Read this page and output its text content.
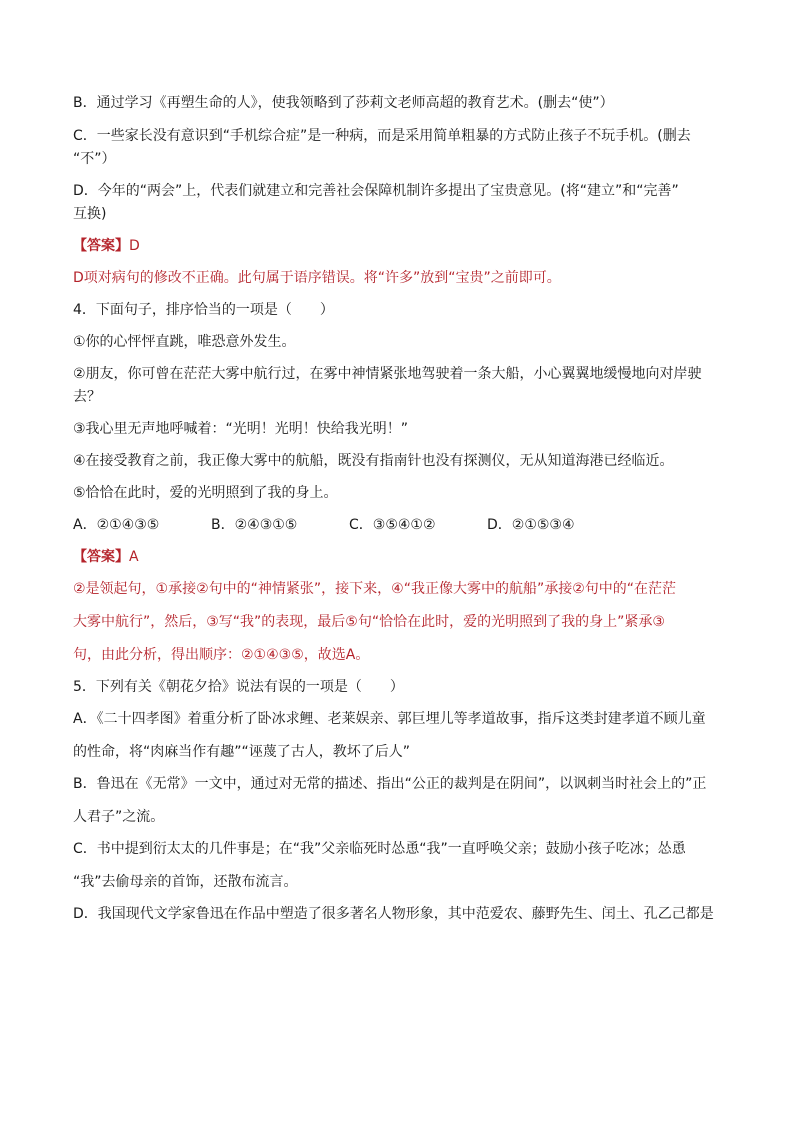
B．通过学习《再塑生命的人》，使我领略到了莎莉文老师高超的教育艺术。(删去“使”）
C．一些家长没有意识到“手机综合症”是一种病，而是采用简单粗暴的方式防止孩子不玩手机。(删去
“不”）
D．今年的“两会”上，代表们就建立和完善社会保障机制许多提出了宝贵意见。(将“建立”和“完善”
互换)
【答案】D
D项对病句的修改不正确。此句属于语序错误。将“许多”放到“宝贵”之前即可。
4．下面句子，排序恰当的一项是（　　）
①你的心怦怦直跳，唯恐意外发生。
②朋友，你可曾在茫茫大雾中航行过，在雾中神情紧张地驾驶着一条大船，小心翼翼地缓慢地向对岸驶
去？
③我心里无声地呼喊着：“光明！光明！快给我光明！”
④在接受教育之前，我正像大雾中的航船，既没有指南针也没有探测仪，无从知道海港已经临近。
⑤恰恰在此时，爱的光明照到了我的身上。
A．②①④③⑤	B．②④③①⑤	C．③⑤④①②	D．②①⑤③④
【答案】A
②是领起句，①承接②句中的“神情紧张”，接下来，④“我正像大雾中的航船”承接②句中的“在茫茫
大雾中航行”，然后，③写“我”的表现，最后⑤句“恰恰在此时，爱的光明照到了我的身上”紧承③
句，由此分析，得出顺序：②①④③⑤，故选A。
5．下列有关《朝花夕拾》说法有误的一项是（　　）
A．《二十四孝图》着重分析了卧冰求鲤、老莱娱亲、郭巨埋儿等孝道故事，指斥这类封建孝道不顾儿童
的性命，将“肉麻当作有趣”“诬蔑了古人，教坏了后人”
B．鲁迅在《无常》一文中，通过对无常的描述、指出“公正的裁判是在阴间”，以讽刺当时社会上的”正
人君子”之流。
C．书中提到衍太太的几件事是；在“我”父亲临死时怂恿“我”一直呼唤父亲；鼓励小孩子吃冰；怂恿
“我”去偷母亲的首饰，还散布流言。
D．我国现代文学家鲁迅在作品中塑造了很多著名人物形象，其中范爱农、藤野先生、闰土、孔乙己都是
